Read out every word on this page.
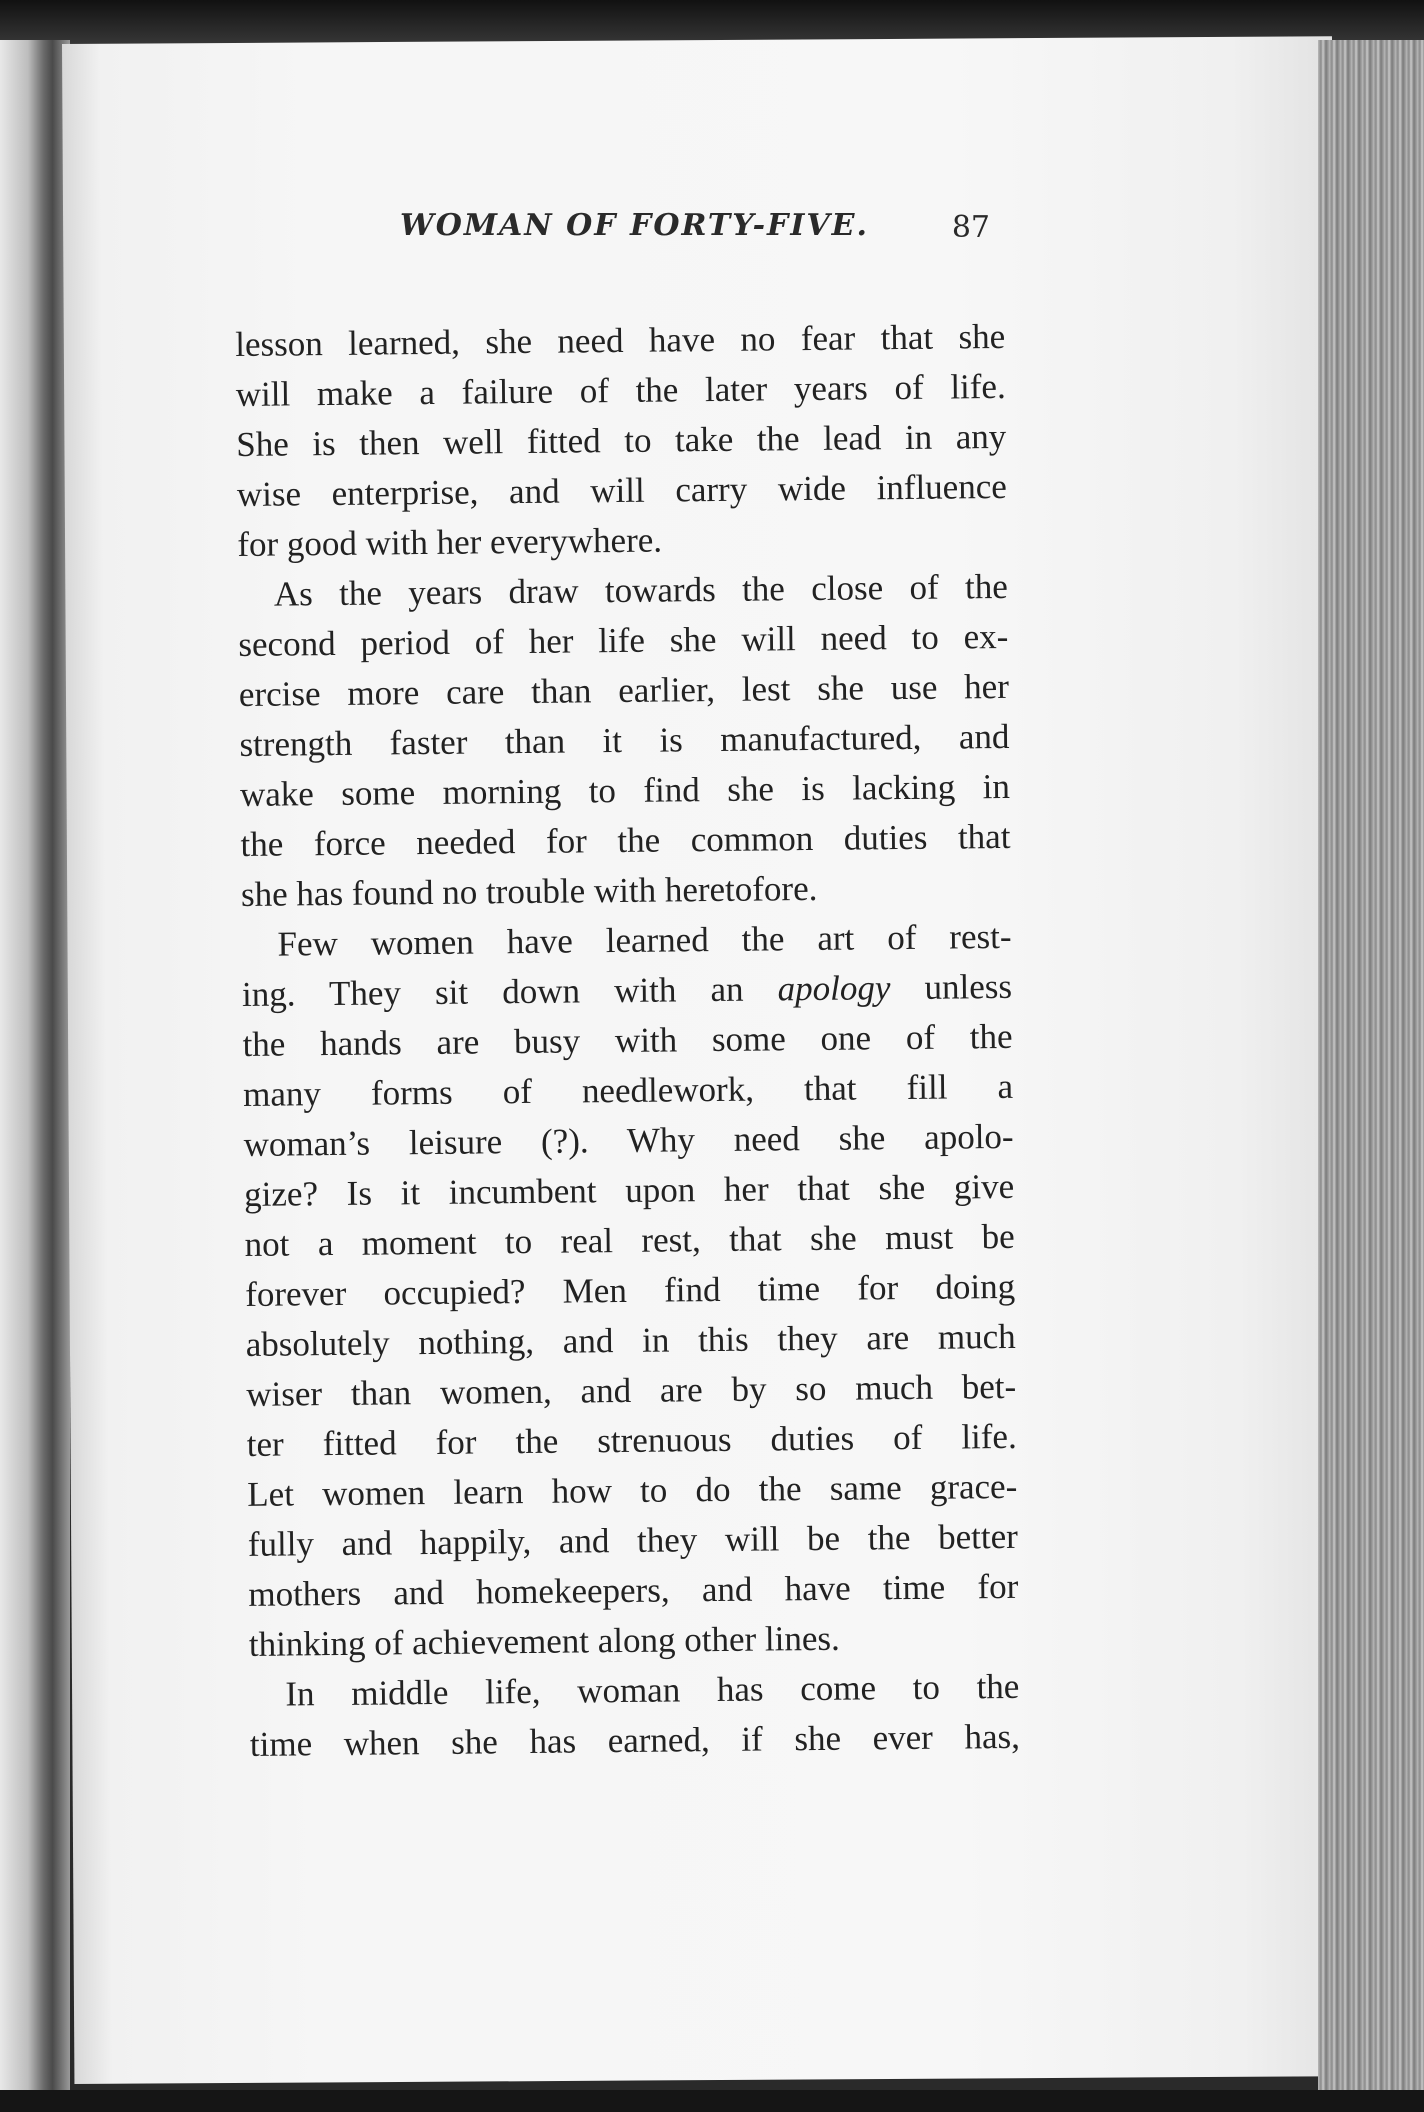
WOMAN OF FORTY-FIVE.	87
lesson learned, she need have no fear that she
will make a failure of the later years of life.
She is then well fitted to take the lead in any
wise enterprise, and will carry wide influence
for good with her everywhere.
As the years draw towards the close of the
second period of her life she will need to ex-
ercise more care than earlier, lest she use her
strength faster than it is manufactured, and
wake some morning to find she is lacking in
the force needed for the common duties that
she has found no trouble with heretofore.
Few women have learned the art of rest-
ing. They sit down with an apology unless
the hands are busy with some one of the
many forms of needlework, that fill a
woman’s leisure (?). Why need she apolo-
gize? Is it incumbent upon her that she give
not a moment to real rest, that she must be
forever occupied? Men find time for doing
absolutely nothing, and in this they are much
wiser than women, and are by so much bet-
ter fitted for the strenuous duties of life.
Let women learn how to do the same grace-
fully and happily, and they will be the better
mothers and homekeepers, and have time for
thinking of achievement along other lines.
In middle life, woman has come to the
time when she has earned, if she ever has,
